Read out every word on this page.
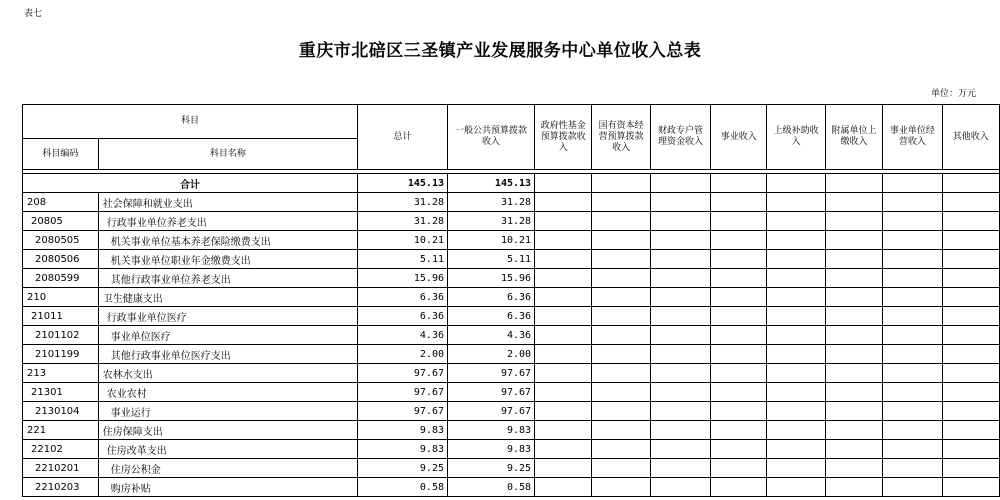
表七
重庆市北碚区三圣镇产业发展服务中心单位收入总表
单位：万元
科目		总计	一般公共预算拨款收入	政府性基金预算拨款收入	国有资本经营预算拨款收入	财政专户管理资金收入	事业收入	上级补助收入	附属单位上缴收入	事业单位经营收入	其他收入
科目编码	科目名称										

合计		145.13	145.13								
208	社会保障和就业支出	31.28	31.28								
20805	行政事业单位养老支出	31.28	31.28								
2080505	机关事业单位基本养老保险缴费支出	10.21	10.21								
2080506	机关事业单位职业年金缴费支出	5.11	5.11								
2080599	其他行政事业单位养老支出	15.96	15.96								
210	卫生健康支出	6.36	6.36								
21011	行政事业单位医疗	6.36	6.36								
2101102	事业单位医疗	4.36	4.36								
2101199	其他行政事业单位医疗支出	2.00	2.00								
213	农林水支出	97.67	97.67								
21301	农业农村	97.67	97.67								
2130104	事业运行	97.67	97.67								
221	住房保障支出	9.83	9.83								
22102	住房改革支出	9.83	9.83								
2210201	住房公积金	9.25	9.25								
2210203	购房补贴	0.58	0.58								
